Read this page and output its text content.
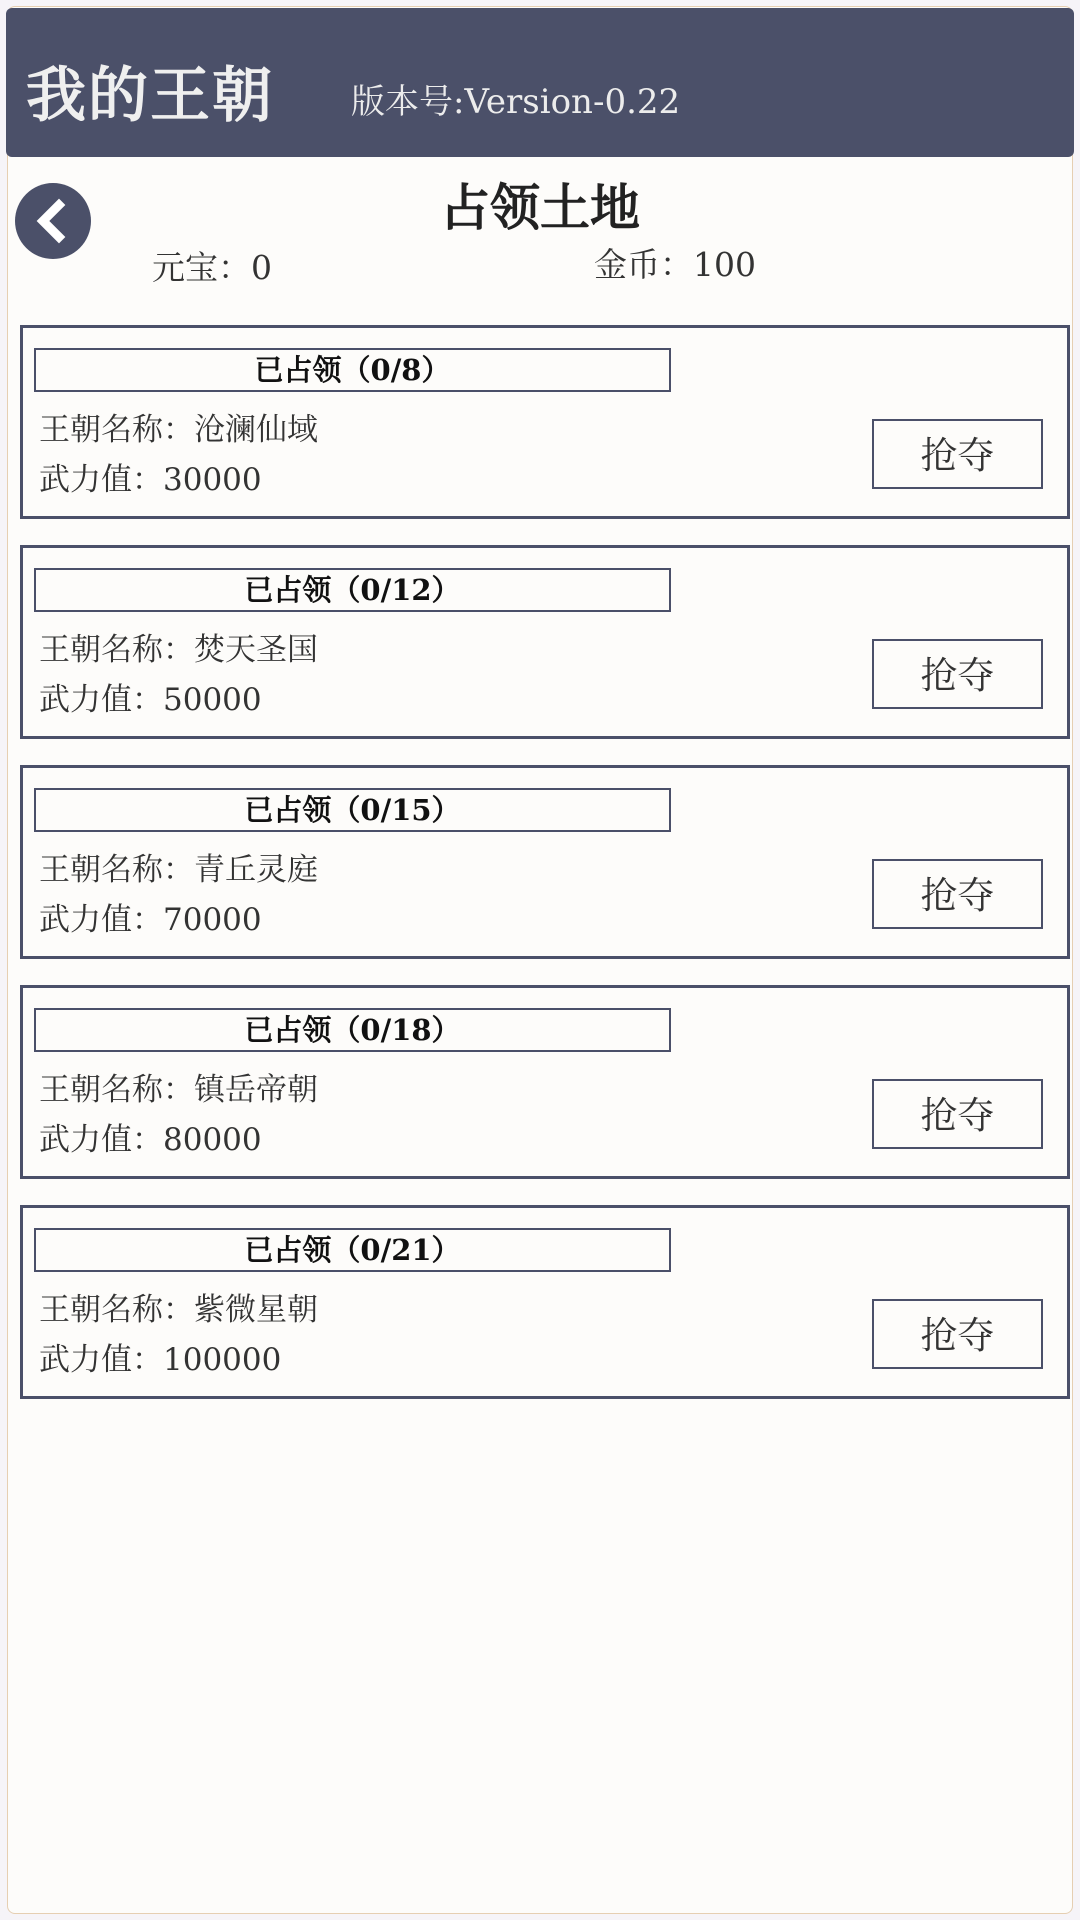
我的王朝 版本号:Version-0.22
占领土地
元宝：0	金币：100
已占领（0/8）
王朝名称：沧澜仙域
武力值：30000
抢夺
已占领（0/12）
王朝名称：焚天圣国
武力值：50000
抢夺
已占领（0/15）
王朝名称：青丘灵庭
武力值：70000
抢夺
已占领（0/18）
王朝名称：镇岳帝朝
武力值：80000
抢夺
已占领（0/21）
王朝名称：紫微星朝
武力值：100000
抢夺
